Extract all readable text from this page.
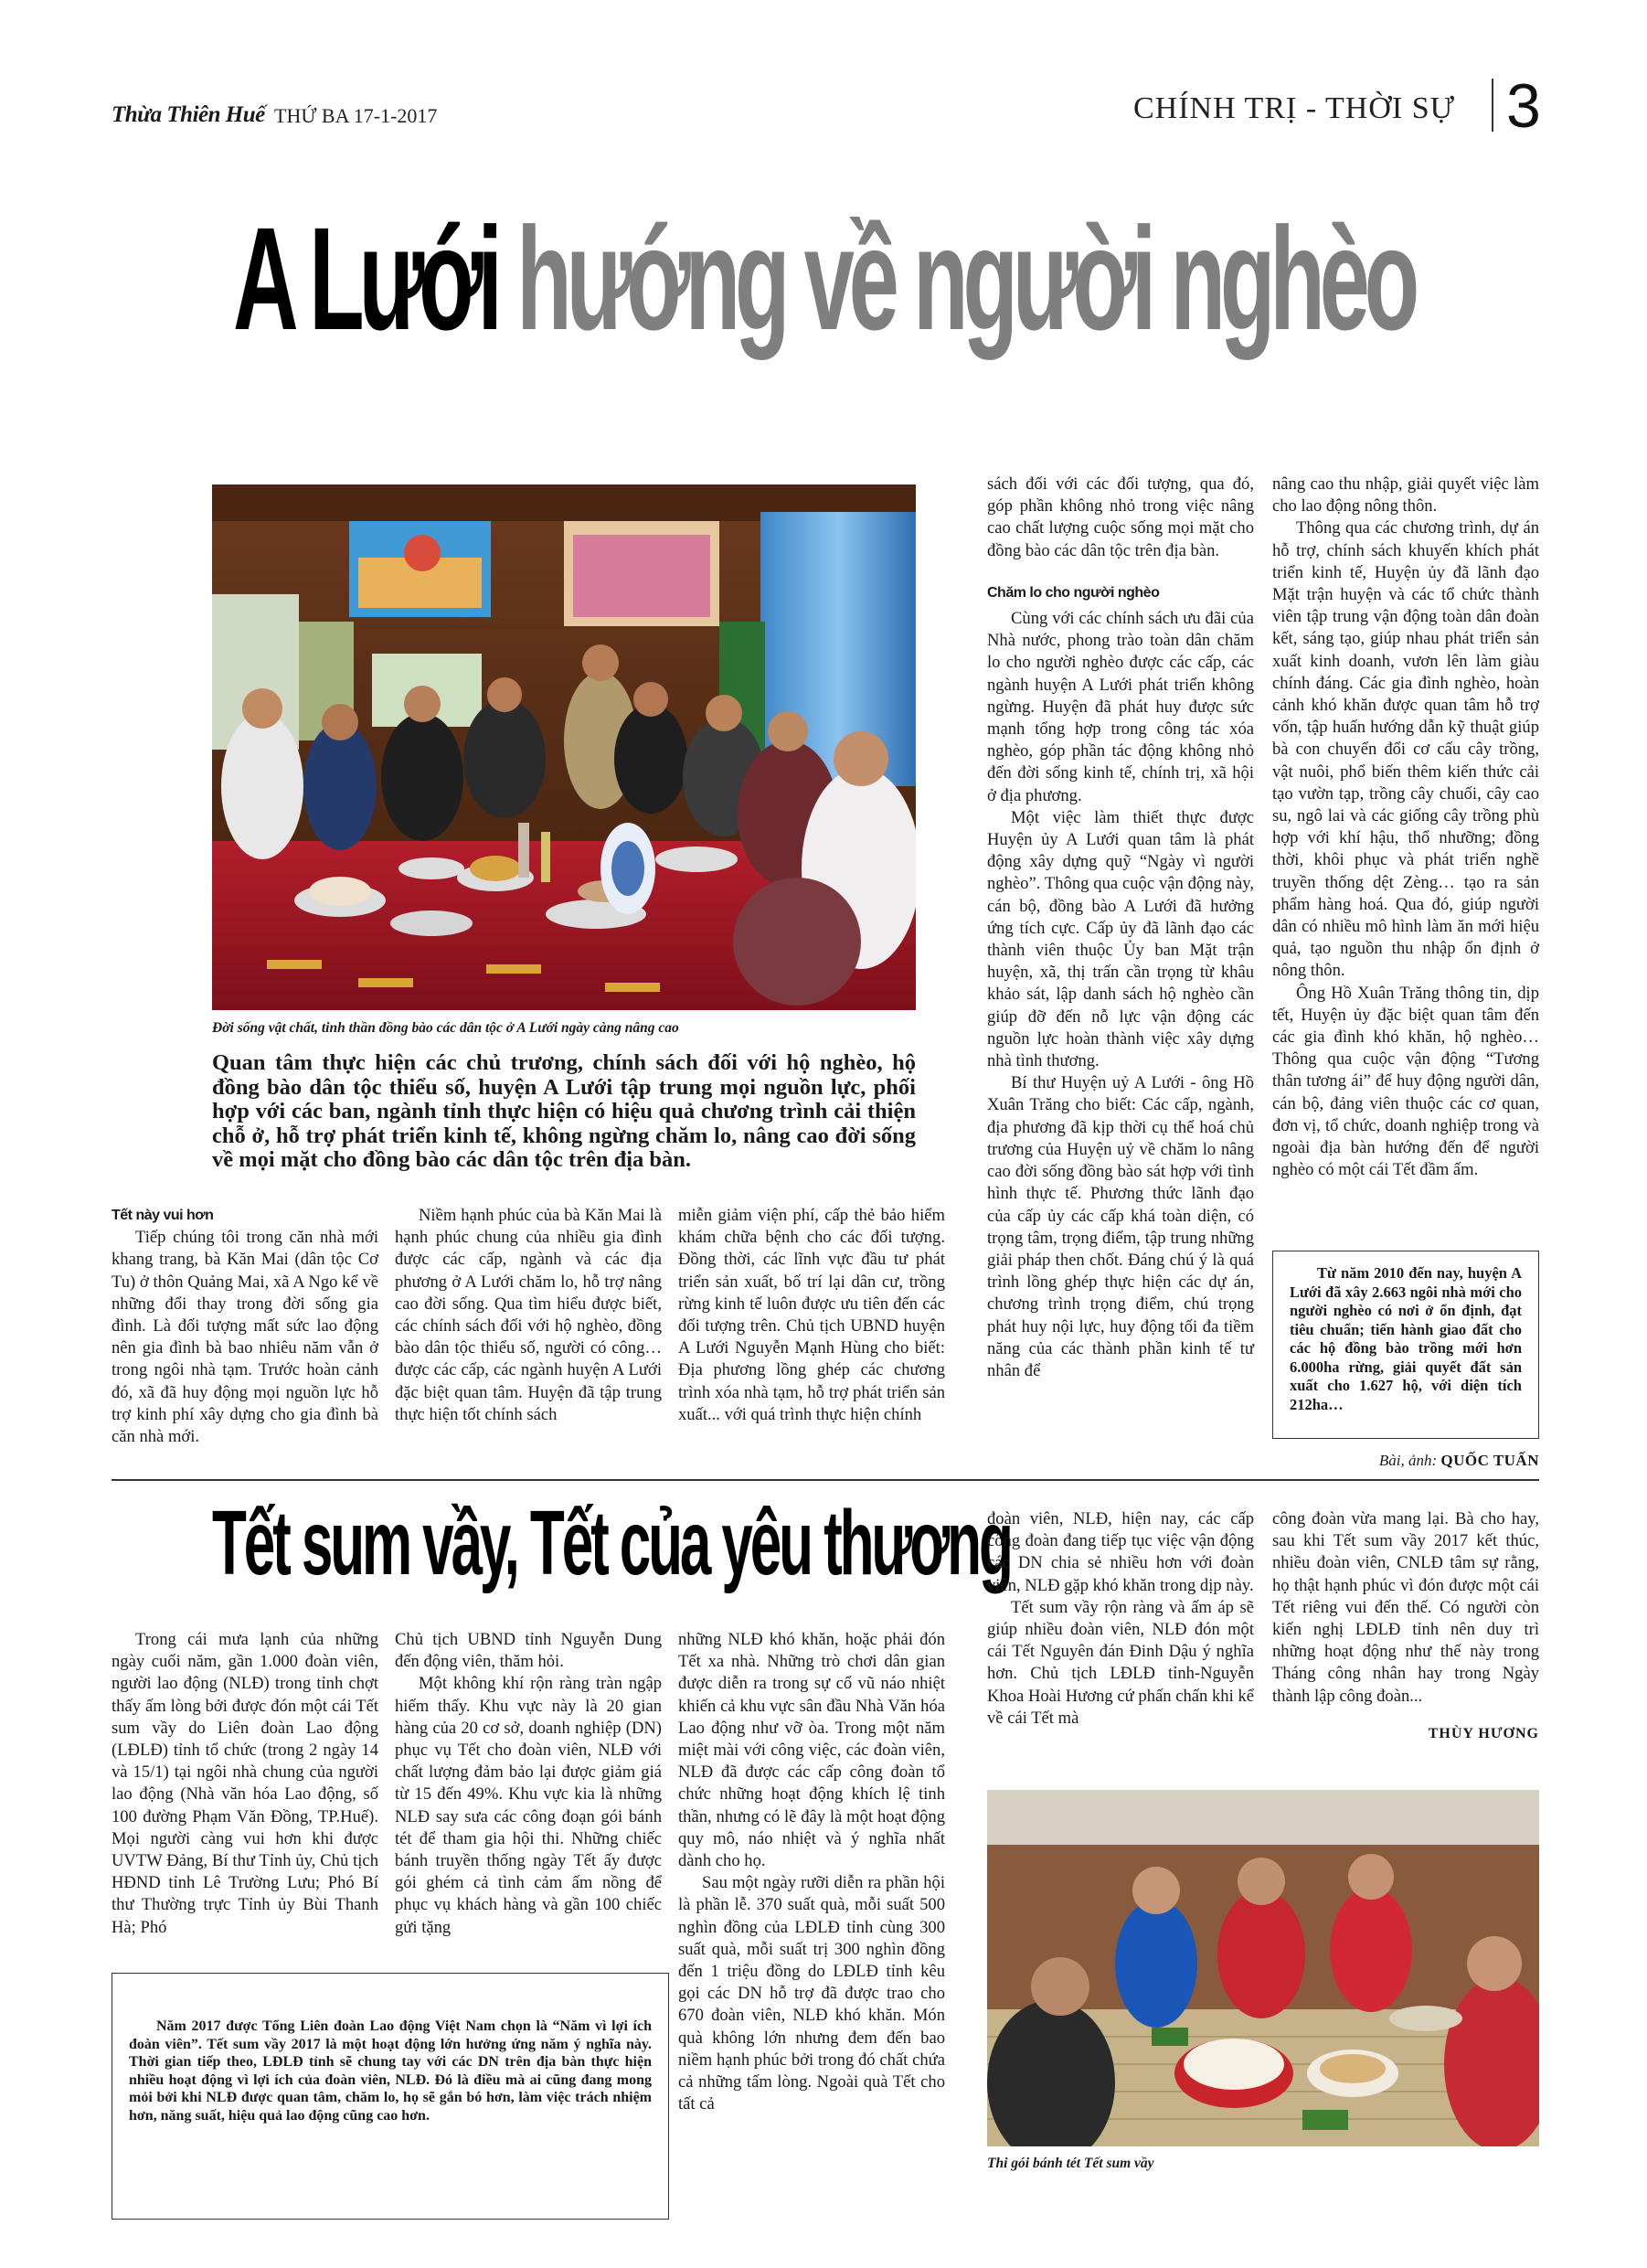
Thừa Thiên Huế THỨ BA 17-1-2017	CHÍNH TRỊ - THỜI SỰ 3
A Lưới hướng về người nghèo
Đời sống vật chất, tinh thần đồng bào các dân tộc ở A Lưới ngày càng nâng cao
Quan tâm thực hiện các chủ trương, chính sách đối với hộ nghèo, hộ đồng bào dân tộc thiểu số, huyện A Lưới tập trung mọi nguồn lực, phối hợp với các ban, ngành tỉnh thực hiện có hiệu quả chương trình cải thiện chỗ ở, hỗ trợ phát triển kinh tế, không ngừng chăm lo, nâng cao đời sống về mọi mặt cho đồng bào các dân tộc trên địa bàn.
Tết này vui hơn

Tiếp chúng tôi trong căn nhà mới khang trang, bà Kăn Mai (dân tộc Cơ Tu) ở thôn Quảng Mai, xã A Ngo kể về những đổi thay trong đời sống gia đình. Là đối tượng mất sức lao động nên gia đình bà bao nhiêu năm vẫn ở trong ngôi nhà tạm. Trước hoàn cảnh đó, xã đã huy động mọi nguồn lực hỗ trợ kinh phí xây dựng cho gia đình bà căn nhà mới.

Niềm hạnh phúc của bà Kăn Mai là hạnh phúc chung của nhiều gia đình được các cấp, ngành và các địa phương ở A Lưới chăm lo, hỗ trợ nâng cao đời sống. Qua tìm hiểu được biết, các chính sách đối với hộ nghèo, đồng bào dân tộc thiểu số, người có công… được các cấp, các ngành huyện A Lưới đặc biệt quan tâm. Huyện đã tập trung thực hiện tốt chính sách

miễn giảm viện phí, cấp thẻ bảo hiểm khám chữa bệnh cho các đối tượng. Đồng thời, các lĩnh vực đầu tư phát triển sản xuất, bố trí lại dân cư, trồng rừng kinh tế luôn được ưu tiên đến các đối tượng trên. Chủ tịch UBND huyện A Lưới Nguyễn Mạnh Hùng cho biết: Địa phương lồng ghép các chương trình xóa nhà tạm, hỗ trợ phát triển sản xuất... với quá trình thực hiện chính

sách đối với các đối tượng, qua đó, góp phần không nhỏ trong việc nâng cao chất lượng cuộc sống mọi mặt cho đồng bào các dân tộc trên địa bàn.

Chăm lo cho người nghèo

Cùng với các chính sách ưu đãi của Nhà nước, phong trào toàn dân chăm lo cho người nghèo được các cấp, các ngành huyện A Lưới phát triển không ngừng. Huyện đã phát huy được sức mạnh tổng hợp trong công tác xóa nghèo, góp phần tác động không nhỏ đến đời sống kinh tế, chính trị, xã hội ở địa phương.

Một việc làm thiết thực được Huyện ủy A Lưới quan tâm là phát động xây dựng quỹ “Ngày vì người nghèo”. Thông qua cuộc vận động này, cán bộ, đồng bào A Lưới đã hưởng ứng tích cực. Cấp ủy đã lãnh đạo các thành viên thuộc Ủy ban Mặt trận huyện, xã, thị trấn cần trọng từ khâu khảo sát, lập danh sách hộ nghèo cần giúp đỡ đến nỗ lực vận động các nguồn lực hoàn thành việc xây dựng nhà tình thương.

Bí thư Huyện uỷ A Lưới - ông Hồ Xuân Trăng cho biết: Các cấp, ngành, địa phương đã kịp thời cụ thể hoá chủ trương của Huyện uỷ về chăm lo nâng cao đời sống đồng bào sát hợp với tình hình thực tế. Phương thức lãnh đạo của cấp ủy các cấp khá toàn diện, có trọng tâm, trọng điểm, tập trung những giải pháp then chốt. Đáng chú ý là quá trình lồng ghép thực hiện các dự án, chương trình trọng điểm, chú trọng phát huy nội lực, huy động tối đa tiềm năng của các thành phần kinh tế tư nhân để

nâng cao thu nhập, giải quyết việc làm cho lao động nông thôn.

Thông qua các chương trình, dự án hỗ trợ, chính sách khuyến khích phát triển kinh tế, Huyện ủy đã lãnh đạo Mặt trận huyện và các tổ chức thành viên tập trung vận động toàn dân đoàn kết, sáng tạo, giúp nhau phát triển sản xuất kinh doanh, vươn lên làm giàu chính đáng. Các gia đình nghèo, hoàn cảnh khó khăn được quan tâm hỗ trợ vốn, tập huấn hướng dẫn kỹ thuật giúp bà con chuyển đổi cơ cấu cây trồng, vật nuôi, phổ biến thêm kiến thức cải tạo vườn tạp, trồng cây chuối, cây cao su, ngô lai và các giống cây trồng phù hợp với khí hậu, thổ nhưỡng; đồng thời, khôi phục và phát triển nghề truyền thống dệt Zèng… tạo ra sản phẩm hàng hoá. Qua đó, giúp người dân có nhiều mô hình làm ăn mới hiệu quả, tạo nguồn thu nhập ổn định ở nông thôn.

Ông Hồ Xuân Trăng thông tin, dịp tết, Huyện ủy đặc biệt quan tâm đến các gia đình khó khăn, hộ nghèo…Thông qua cuộc vận động “Tương thân tương ái” để huy động người dân, cán bộ, đảng viên thuộc các cơ quan, đơn vị, tổ chức, doanh nghiệp trong và ngoài địa bàn hướng đến để người nghèo có một cái Tết đầm ấm.

Từ năm 2010 đến nay, huyện A Lưới đã xây 2.663 ngôi nhà mới cho người nghèo có nơi ở ổn định, đạt tiêu chuẩn; tiến hành giao đất cho các hộ đồng bào trồng mới hơn 6.000ha rừng, giải quyết đất sản xuất cho 1.627 hộ, với diện tích 212ha…

Bài, ảnh: QUỐC TUẤN
Tết sum vầy, Tết của yêu thương

Trong cái mưa lạnh của những ngày cuối năm, gần 1.000 đoàn viên, người lao động (NLĐ) trong tỉnh chợt thấy ấm lòng bởi được đón một cái Tết sum vầy do Liên đoàn Lao động (LĐLĐ) tỉnh tổ chức (trong 2 ngày 14 và 15/1) tại ngôi nhà chung của người lao động (Nhà văn hóa Lao động, số 100 đường Phạm Văn Đồng, TP.Huế). Mọi người càng vui hơn khi được UVTW Đảng, Bí thư Tỉnh ủy, Chủ tịch HĐND tỉnh Lê Trường Lưu; Phó Bí thư Thường trực Tỉnh ủy Bùi Thanh Hà; Phó

Chủ tịch UBND tỉnh Nguyễn Dung đến động viên, thăm hỏi.

Một không khí rộn ràng tràn ngập hiếm thấy. Khu vực này là 20 gian hàng của 20 cơ sở, doanh nghiệp (DN) phục vụ Tết cho đoàn viên, NLĐ với chất lượng đảm bảo lại được giảm giá từ 15 đến 49%. Khu vực kia là những NLĐ say sưa các công đoạn gói bánh tét để tham gia hội thi. Những chiếc bánh truyền thống ngày Tết ấy được gói ghém cả tình cảm ấm nồng để phục vụ khách hàng và gần 100 chiếc gửi tặng

những NLĐ khó khăn, hoặc phải đón Tết xa nhà. Những trò chơi dân gian được diễn ra trong sự cổ vũ náo nhiệt khiến cả khu vực sân đầu Nhà Văn hóa Lao động như vỡ òa. Trong một năm miệt mài với công việc, các đoàn viên, NLĐ đã được các cấp công đoàn tổ chức những hoạt động khích lệ tinh thần, nhưng có lẽ đây là một hoạt động quy mô, náo nhiệt và ý nghĩa nhất dành cho họ.

Sau một ngày rưỡi diễn ra phần hội là phần lễ. 370 suất quà, mỗi suất 500 nghìn đồng của LĐLĐ tỉnh cùng 300 suất quà, mỗi suất trị 300 nghìn đồng đến 1 triệu đồng do LĐLĐ tỉnh kêu gọi các DN hỗ trợ đã được trao cho 670 đoàn viên, NLĐ khó khăn. Món quà không lớn nhưng đem đến bao niềm hạnh phúc bởi trong đó chất chứa cả những tấm lòng. Ngoài quà Tết cho tất cả

đoàn viên, NLĐ, hiện nay, các cấp công đoàn đang tiếp tục việc vận động các DN chia sẻ nhiều hơn với đoàn viên, NLĐ gặp khó khăn trong dịp này.

Tết sum vầy rộn ràng và ấm áp sẽ giúp nhiều đoàn viên, NLĐ đón một cái Tết Nguyên đán Đinh Dậu ý nghĩa hơn. Chủ tịch LĐLĐ tỉnh-Nguyễn Khoa Hoài Hương cứ phấn chấn khi kể về cái Tết mà

công đoàn vừa mang lại. Bà cho hay, sau khi Tết sum vầy 2017 kết thúc, nhiều đoàn viên, CNLĐ tâm sự rằng, họ thật hạnh phúc vì đón được một cái Tết riêng vui đến thế. Có người còn kiến nghị LĐLĐ tỉnh nên duy trì những hoạt động như thế này trong Tháng công nhân hay trong Ngày thành lập công đoàn...

THÙY HƯƠNG

Năm 2017 được Tổng Liên đoàn Lao động Việt Nam chọn là “Năm vì lợi ích đoàn viên”. Tết sum vầy 2017 là một hoạt động lớn hưởng ứng năm ý nghĩa này. Thời gian tiếp theo, LĐLĐ tỉnh sẽ chung tay với các DN trên địa bàn thực hiện nhiều hoạt động vì lợi ích của đoàn viên, NLĐ. Đó là điều mà ai cũng đang mong mỏi bởi khi NLĐ được quan tâm, chăm lo, họ sẽ gắn bó hơn, làm việc trách nhiệm hơn, năng suất, hiệu quả lao động cũng cao hơn.

Thi gói bánh tét Tết sum vầy
